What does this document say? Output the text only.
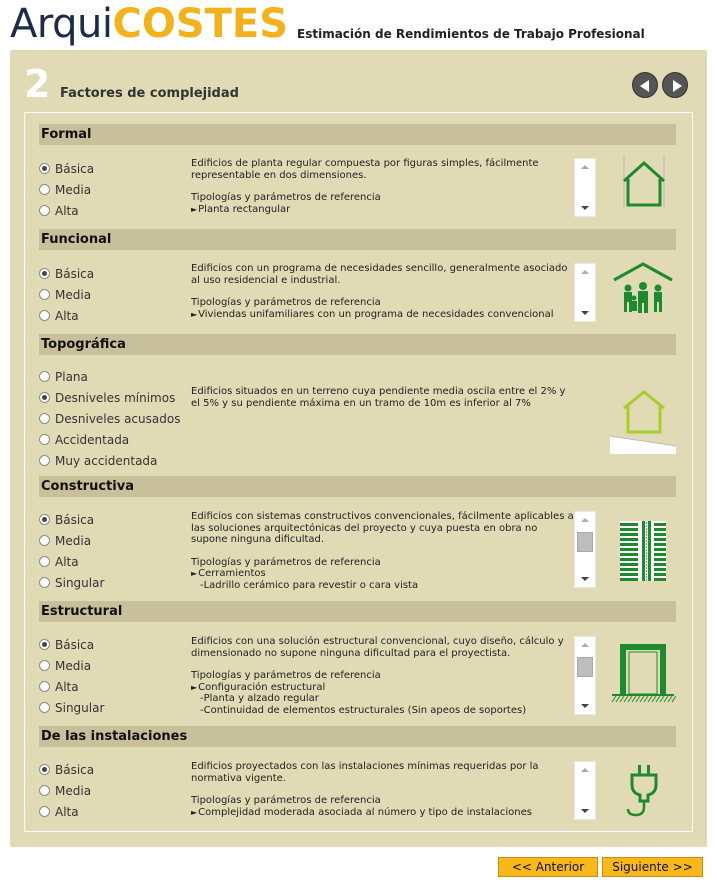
ArquiCOSTES Estimación de Rendimientos de Trabajo Profesional
2 Factores de complejidad
Formal
Básica
Media
Alta

Edificios de planta regular compuesta por figuras simples, fácilmente representable en dos dimensiones.

Tipologías y parámetros de referencia

►Planta rectangular

Funcional
Básica
Media
Alta

Edificios con un programa de necesidades sencillo, generalmente asociado al uso residencial e industrial.

Tipologías y parámetros de referencia

►Viviendas unifamiliares con un programa de necesidades convencional

Topográfica
Plana
Desniveles mínimos
Desniveles acusados
Accidentada
Muy accidentada

Edificios situados en un terreno cuya pendiente media oscila entre el 2% y el 5% y su pendiente máxima en un tramo de 10m es inferior al 7%

Constructiva
Básica
Media
Alta
Singular

Edificios con sistemas constructivos convencionales, fácilmente aplicables a las soluciones arquitectónicas del proyecto y cuya puesta en obra no supone ninguna dificultad.

Tipologías y parámetros de referencia

►Cerramientos

-Ladrillo cerámico para revestir o cara vista

Estructural
Básica
Media
Alta
Singular

Edificios con una solución estructural convencional, cuyo diseño, cálculo y dimensionado no supone ninguna dificultad para el proyectista.

Tipologías y parámetros de referencia

►Configuración estructural

-Planta y alzado regular

-Continuidad de elementos estructurales (Sin apeos de soportes)

De las instalaciones
Básica
Media
Alta

Edificios proyectados con las instalaciones mínimas requeridas por la normativa vigente.

Tipologías y parámetros de referencia

►Complejidad moderada asociada al número y tipo de instalaciones

<< Anterior	Siguiente >>
